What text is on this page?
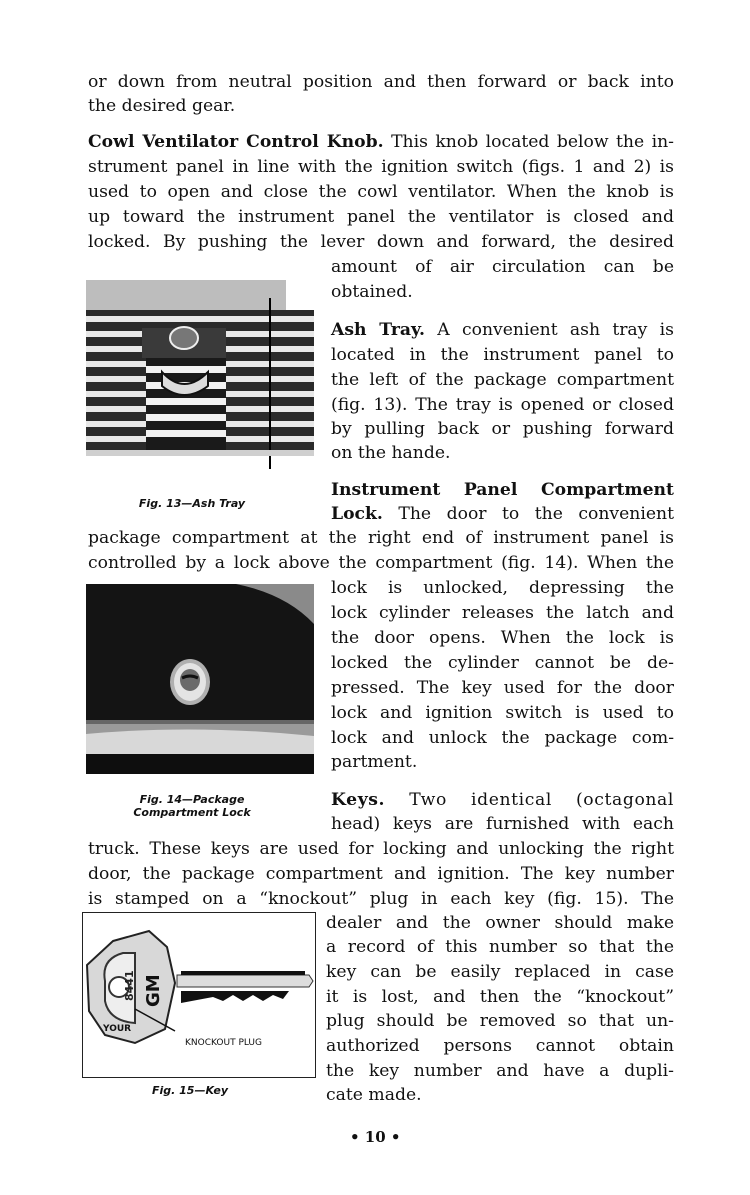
or down from neutral position and then forward or back into
the desired gear.
Cowl Ventilator Control Knob. This knob located below the in-
strument panel in line with the ignition switch (figs. 1 and 2) is
used to open and close the cowl ventilator. When the knob is
up toward the instrument panel the ventilator is closed and
locked. By pushing the lever down and forward, the desired
amount of air circulation can be
obtained.
Fig. 13—Ash Tray
Ash Tray. A convenient ash tray is
located in the instrument panel to
the left of the package compartment
(fig. 13). The tray is opened or closed
by pulling back or pushing forward
on the hande.
Instrument Panel Compartment
Lock. The door to the convenient
package compartment at the right end of instrument panel is
controlled by a lock above the compartment (fig. 14). When the
lock is unlocked, depressing the
lock cylinder releases the latch and
the door opens. When the lock is
locked the cylinder cannot be de-
pressed. The key used for the door
lock and ignition switch is used to
lock and unlock the package com-
partment.
Fig. 14—Package
Compartment Lock
Keys. Two identical (octagonal
head) keys are furnished with each
truck. These keys are used for locking and unlocking the right
door, the package compartment and ignition. The key number
is stamped on a “knockout” plug in each key (fig. 15). The
dealer and the owner should make
a record of this number so that the
key can be easily replaced in case
it is lost, and then the “knockout”
plug should be removed so that un-
authorized persons cannot obtain
the key number and have a dupli-
cate made.
8441 GM
YOUR
KNOCKOUT PLUG
Fig. 15—Key
• 10 •
